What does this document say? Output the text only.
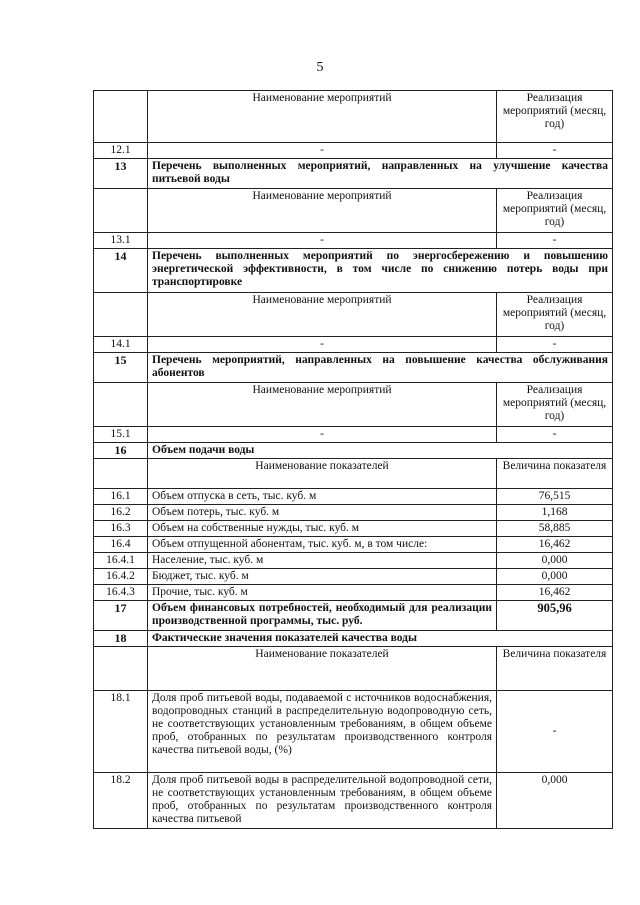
5
	Наименование мероприятий	Реализация мероприятий (месяц, год)
12.1	-	-
13	Перечень выполненных мероприятий, направленных на улучшение качества питьевой воды	
	Наименование мероприятий	Реализация мероприятий (месяц, год)
13.1	-	-
14	Перечень выполненных мероприятий по энергосбережению и повышению энергетической эффективности, в том числе по снижению потерь воды при транспортировке	
	Наименование мероприятий	Реализация мероприятий (месяц, год)
14.1	-	-
15	Перечень мероприятий, направленных на повышение качества обслуживания абонентов	
	Наименование мероприятий	Реализация мероприятий (месяц, год)
15.1	-	-
16	Объем подачи воды	
	Наименование показателей	Величина показателя
16.1	Объем отпуска в сеть, тыс. куб. м	76,515
16.2	Объем потерь, тыс. куб. м	1,168
16.3	Объем на собственные нужды, тыс. куб. м	58,885
16.4	Объем отпущенной абонентам, тыс. куб. м, в том числе:	16,462
16.4.1	Население, тыс. куб. м	0,000
16.4.2	Бюджет, тыс. куб. м	0,000
16.4.3	Прочие, тыс. куб. м	16,462
17	Объем финансовых потребностей, необходимый для реализации производственной программы, тыс. руб.	905,96
18	Фактические значения показателей качества воды	
	Наименование показателей	Величина показателя
18.1	Доля проб питьевой воды, подаваемой с источников водоснабжения, водопроводных станций в распределительную водопроводную сеть, не соответствующих установленным требованиям, в общем объеме проб, отобранных по результатам производственного контроля качества питьевой воды, (%)	-
18.2	Доля проб питьевой воды в распределительной водопроводной сети, не соответствующих установленным требованиям, в общем объеме проб, отобранных по результатам производственного контроля качества питьевой	0,000
